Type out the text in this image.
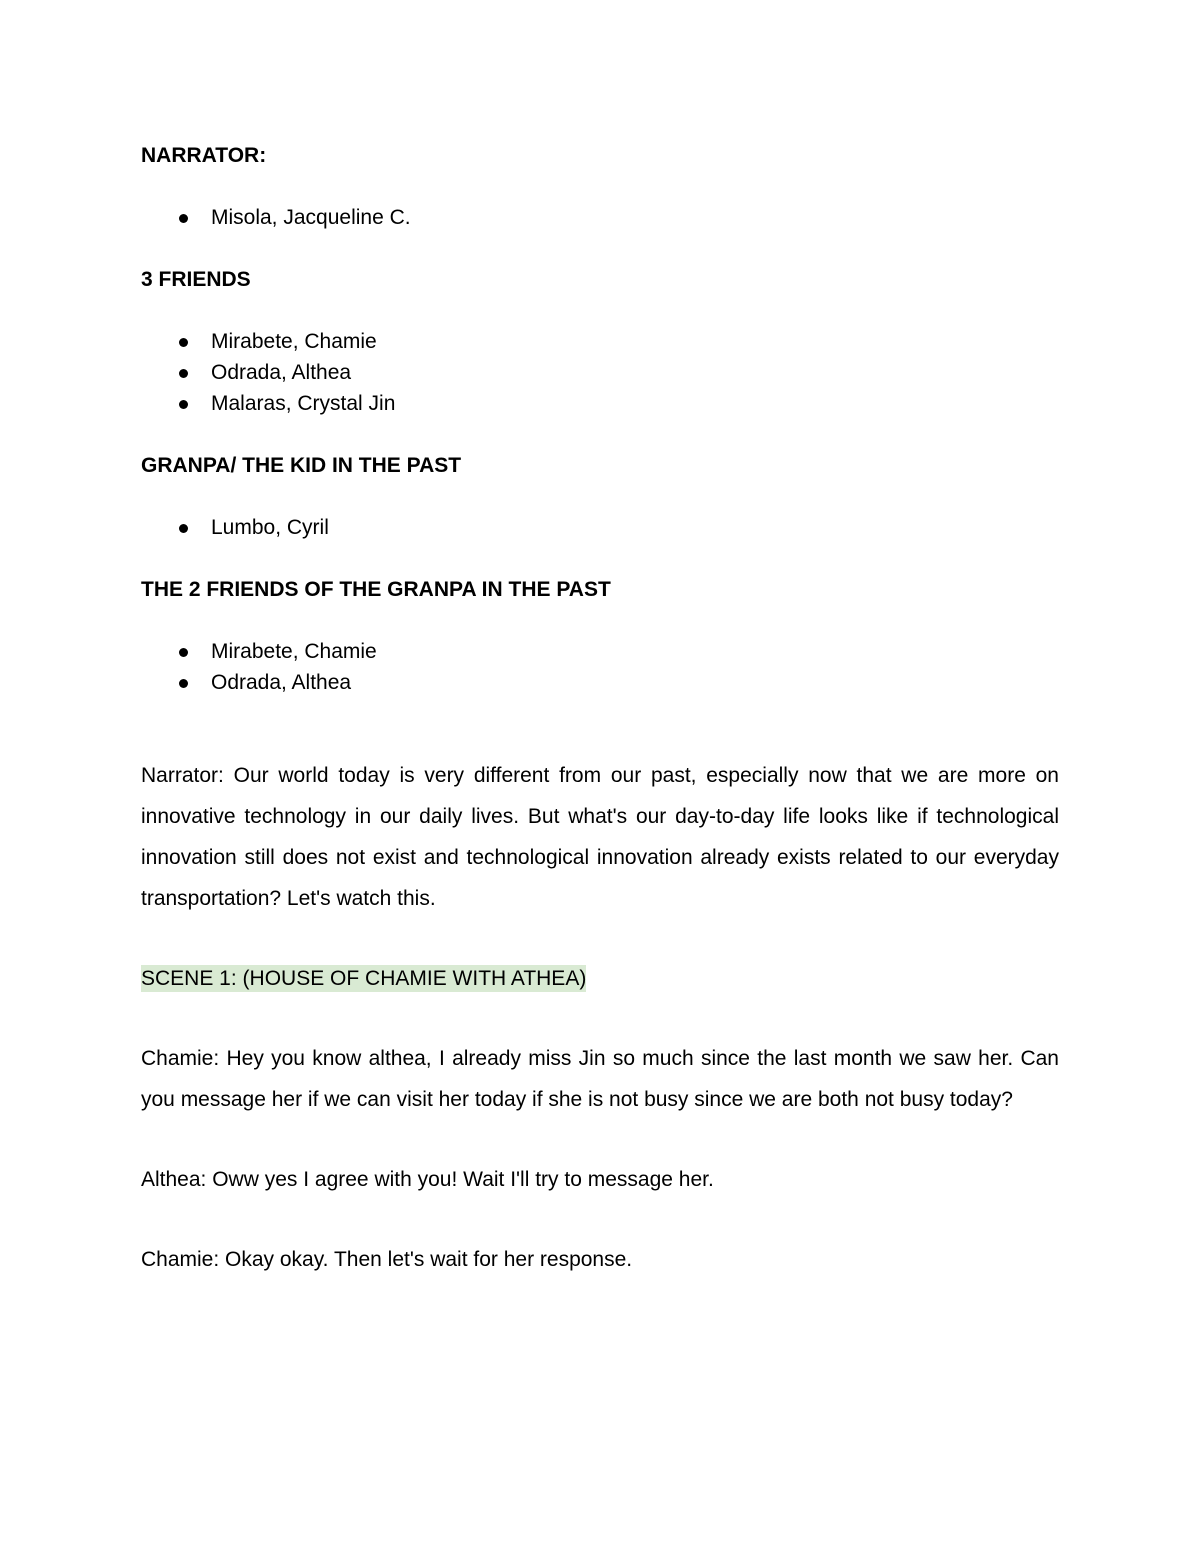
NARRATOR:

Misola, Jacqueline C.

3 FRIENDS

Mirabete, Chamie
Odrada, Althea
Malaras, Crystal Jin

GRANPA/ THE KID IN THE PAST

Lumbo, Cyril

THE 2 FRIENDS OF THE GRANPA IN THE PAST

Mirabete, Chamie
Odrada, Althea

Narrator: Our world today is very different from our past, especially now that we are more on innovative technology in our daily lives. But what's our day-to-day life looks like if technological innovation still does not exist and technological innovation already exists related to our everyday transportation? Let's watch this.

SCENE 1: (HOUSE OF CHAMIE WITH ATHEA)

Chamie: Hey you know althea, I already miss Jin so much since the last month we saw her. Can you message her if we can visit her today if she is not busy since we are both not busy today?

Althea: Oww yes I agree with you! Wait I'll try to message her.

Chamie: Okay okay. Then let's wait for her response.
